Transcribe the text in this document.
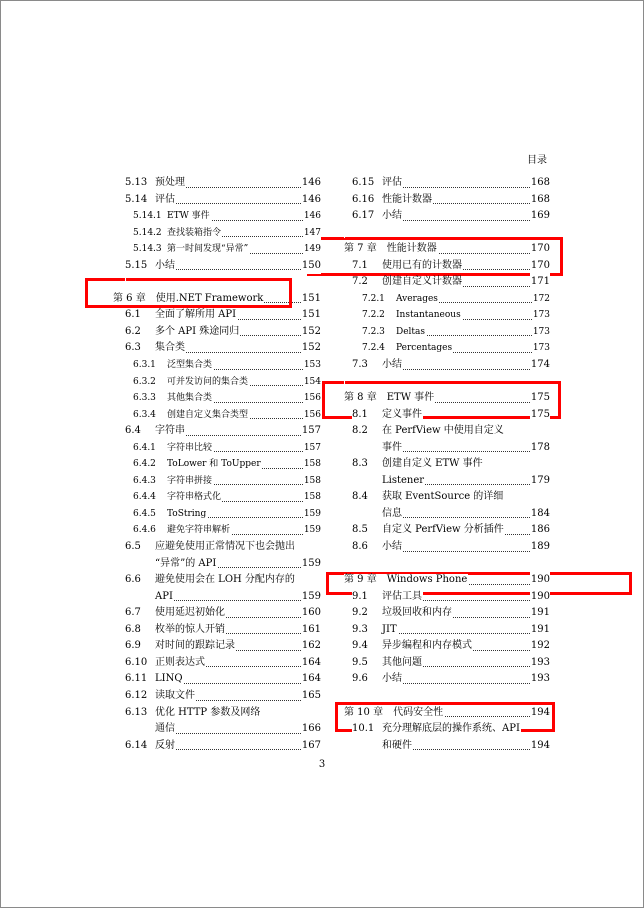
目录
5.13 预处理	146
5.14 评估	146
5.14.1 ETW 事件	146
5.14.2 查找装箱指令	147
5.14.3 第一时间发现“异常”	149
5.15 小结	150
第 6 章 使用.NET Framework	151
6.1 全面了解所用 API	151
6.2 多个 API 殊途同归	152
6.3 集合类	152
6.3.1 泛型集合类	153
6.3.2 可并发访问的集合类	154
6.3.3 其他集合类	156
6.3.4 创建自定义集合类型	156
6.4 字符串	157
6.4.1 字符串比较	157
6.4.2 ToLower 和 ToUpper	158
6.4.3 字符串拼接	158
6.4.4 字符串格式化	158
6.4.5 ToString	159
6.4.6 避免字符串解析	159
6.5 应避免使用正常情况下也会抛出
“异常”的 API	159
6.6 避免使用会在 LOH 分配内存的
API	159
6.7 使用延迟初始化	160
6.8 枚举的惊人开销	161
6.9 对时间的跟踪记录	162
6.10 正则表达式	164
6.11 LINQ	164
6.12 读取文件	165
6.13 优化 HTTP 参数及网络
通信	166
6.14 反射	167
6.15 评估	168
6.16 性能计数器	168
6.17 小结	169
第 7 章 性能计数器	170
7.1 使用已有的计数器	170
7.2 创建自定义计数器	171
7.2.1 Averages	172
7.2.2 Instantaneous	173
7.2.3 Deltas	173
7.2.4 Percentages	173
7.3 小结	174
第 8 章 ETW 事件	175
8.1 定义事件	175
8.2 在 PerfView 中使用自定义
事件	178
8.3 创建自定义 ETW 事件
Listener	179
8.4 获取 EventSource 的详细
信息	184
8.5 自定义 PerfView 分析插件	186
8.6 小结	189
第 9 章 Windows Phone	190
9.1 评估工具	190
9.2 垃圾回收和内存	191
9.3 JIT	191
9.4 异步编程和内存模式	192
9.5 其他问题	193
9.6 小结	193
第 10 章 代码安全性	194
10.1 充分理解底层的操作系统、API
和硬件	194
3
